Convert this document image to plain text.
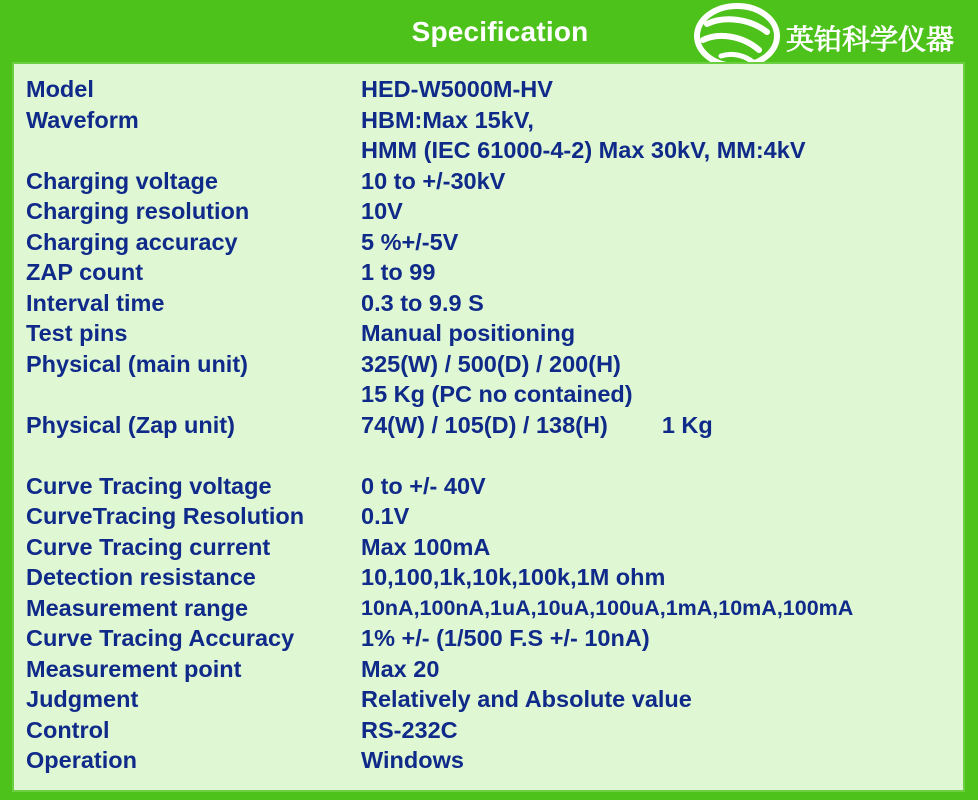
Specification	英铂科学仪器
Model	HED-W5000M-HV
Waveform	HBM:Max 15kV,
HMM (IEC 61000-4-2) Max 30kV, MM:4kV
Charging voltage	10 to +/-30kV
Charging resolution	10V
Charging accuracy	5 %+/-5V
ZAP count	1 to 99
Interval time	0.3 to 9.9 S
Test pins	Manual positioning
Physical (main unit)	325(W) / 500(D) / 200(H)
15 Kg (PC no contained)
Physical (Zap unit)	74(W) / 105(D) / 138(H) 1 Kg
Curve Tracing voltage	0 to +/- 40V
CurveTracing Resolution	0.1V
Curve Tracing current	Max 100mA
Detection resistance	10,100,1k,10k,100k,1M ohm
Measurement range	10nA,100nA,1uA,10uA,100uA,1mA,10mA,100mA
Curve Tracing Accuracy	1% +/- (1/500 F.S +/- 10nA)
Measurement point	Max 20
Judgment	Relatively and Absolute value
Control	RS-232C
Operation	Windows
